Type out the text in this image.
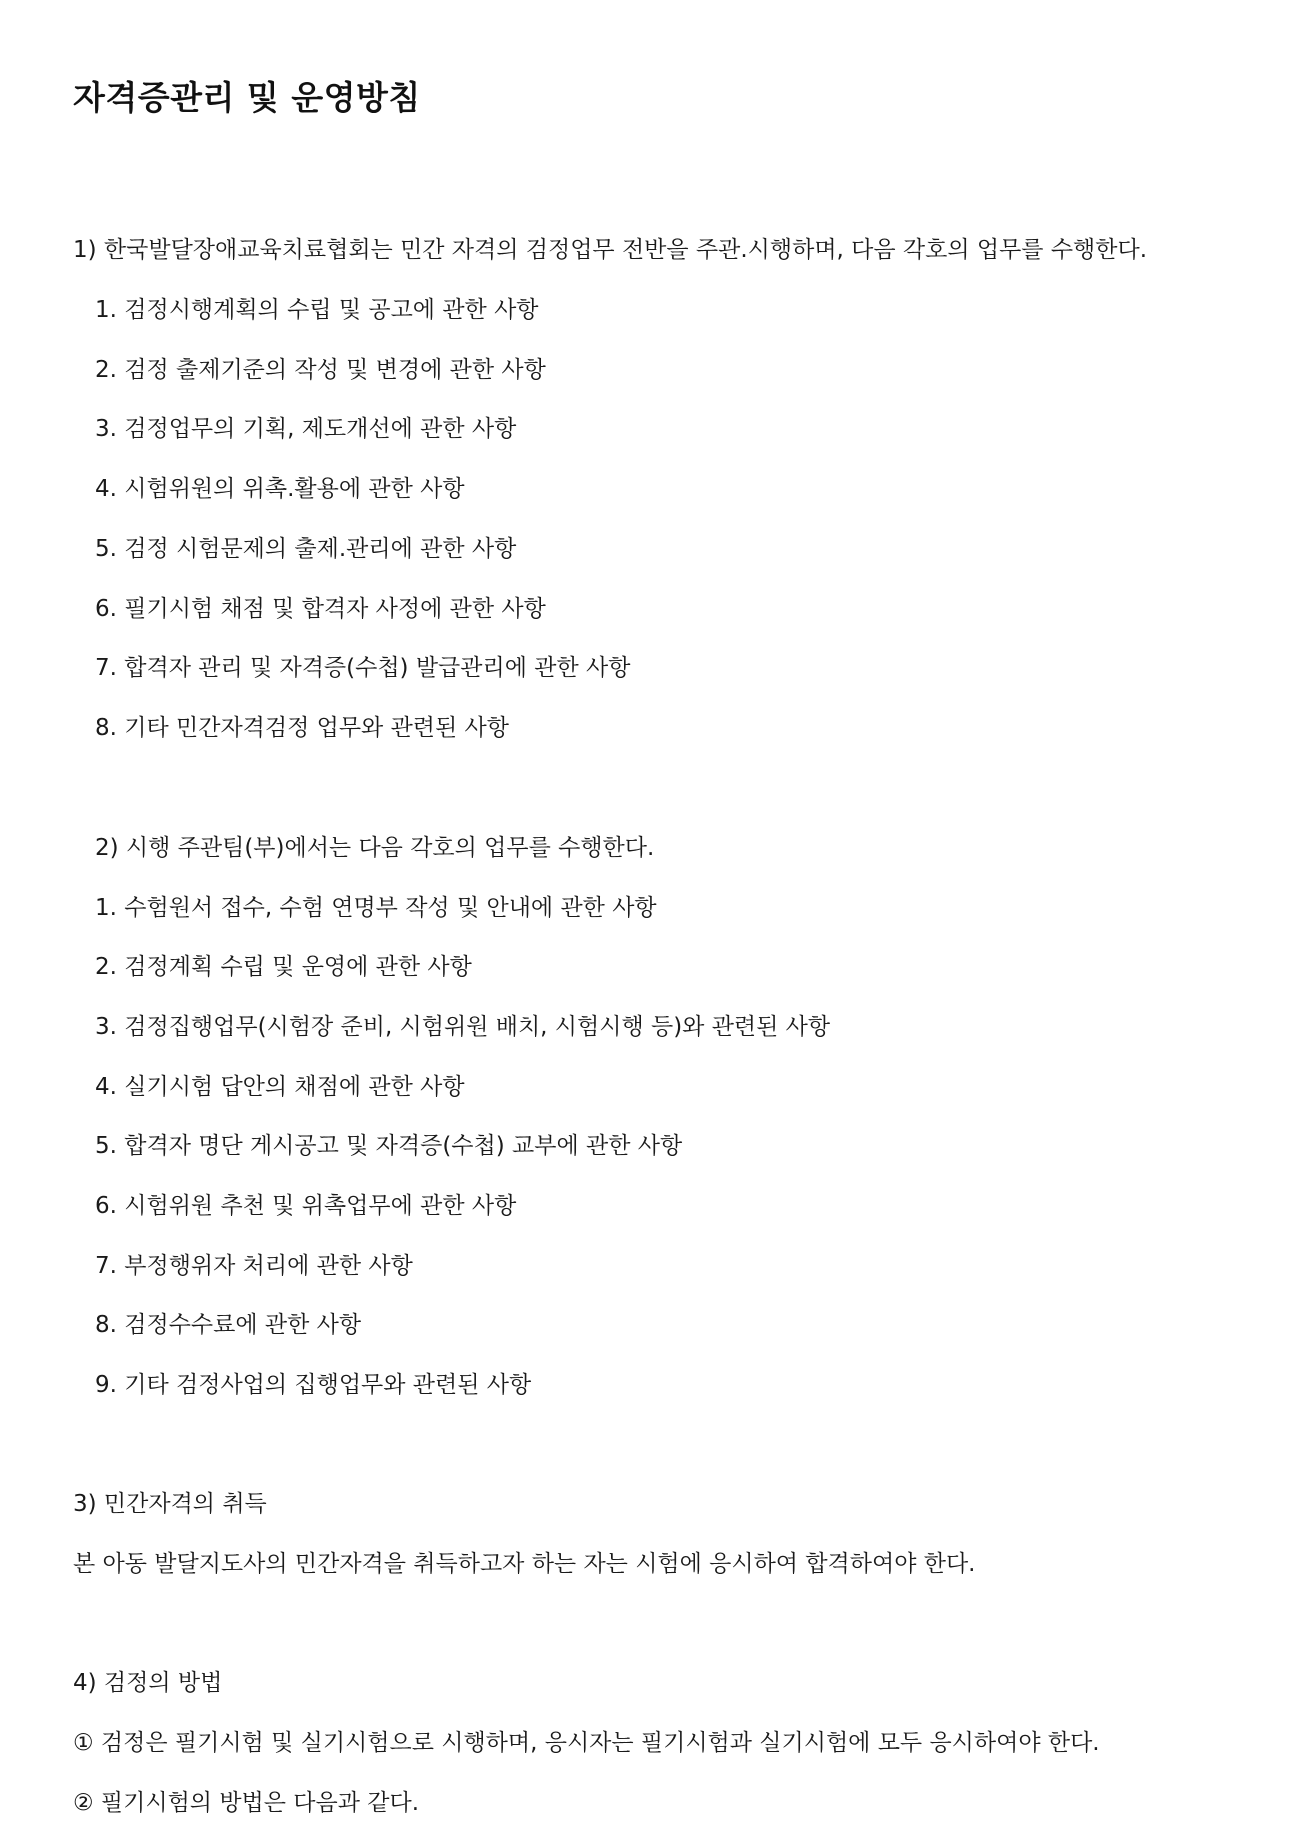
자격증관리 및 운영방침
1) 한국발달장애교육치료협회는 민간 자격의 검정업무 전반을 주관.시행하며, 다음 각호의 업무를 수행한다.
1. 검정시행계획의 수립 및 공고에 관한 사항
2. 검정 출제기준의 작성 및 변경에 관한 사항
3. 검정업무의 기획, 제도개선에 관한 사항
4. 시험위원의 위촉.활용에 관한 사항
5. 검정 시험문제의 출제.관리에 관한 사항
6. 필기시험 채점 및 합격자 사정에 관한 사항
7. 합격자 관리 및 자격증(수첩) 발급관리에 관한 사항
8. 기타 민간자격검정 업무와 관련된 사항
2) 시행 주관팀(부)에서는 다음 각호의 업무를 수행한다.
1. 수험원서 접수, 수험 연명부 작성 및 안내에 관한 사항
2. 검정계획 수립 및 운영에 관한 사항
3. 검정집행업무(시험장 준비, 시험위원 배치, 시험시행 등)와 관련된 사항
4. 실기시험 답안의 채점에 관한 사항
5. 합격자 명단 게시공고 및 자격증(수첩) 교부에 관한 사항
6. 시험위원 추천 및 위촉업무에 관한 사항
7. 부정행위자 처리에 관한 사항
8. 검정수수료에 관한 사항
9. 기타 검정사업의 집행업무와 관련된 사항
3) 민간자격의 취득
본 아동 발달지도사의 민간자격을 취득하고자 하는 자는 시험에 응시하여 합격하여야 한다.
4) 검정의 방법
① 검정은 필기시험 및 실기시험으로 시행하며, 응시자는 필기시험과 실기시험에 모두 응시하여야 한다.
② 필기시험의 방법은 다음과 같다.
